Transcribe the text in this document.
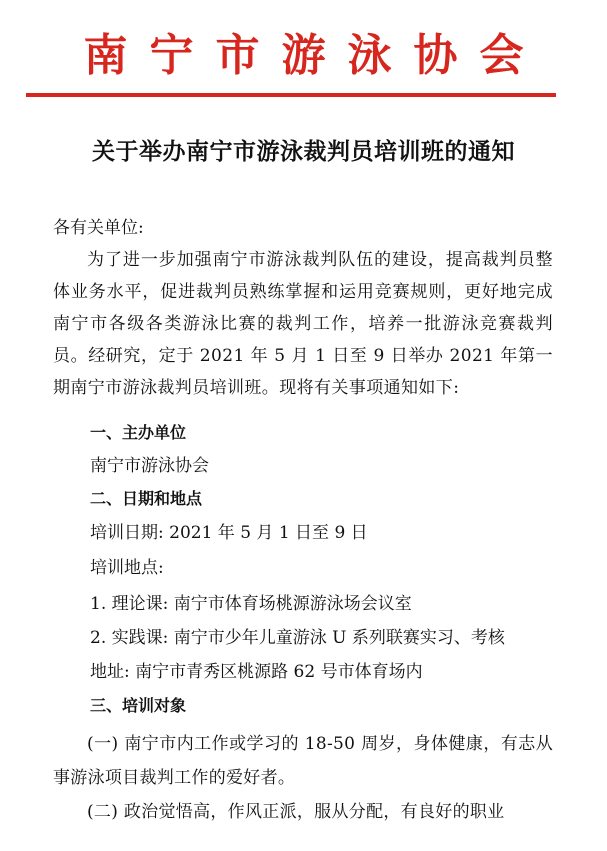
南宁市游泳协会
关于举办南宁市游泳裁判员培训班的通知
各有关单位:
为了进一步加强南宁市游泳裁判队伍的建设，提高裁判员整体业务水平，促进裁判员熟练掌握和运用竞赛规则，更好地完成南宁市各级各类游泳比赛的裁判工作，培养一批游泳竞赛裁判员。经研究，定于 2021 年 5 月 1 日至 9 日举办 2021 年第一期南宁市游泳裁判员培训班。现将有关事项通知如下:
一、主办单位
南宁市游泳协会
二、日期和地点
培训日期: 2021 年 5 月 1 日至 9 日
培训地点:
1. 理论课: 南宁市体育场桃源游泳场会议室
2. 实践课: 南宁市少年儿童游泳 U 系列联赛实习、考核
地址: 南宁市青秀区桃源路 62 号市体育场内
三、培训对象
(一) 南宁市内工作或学习的 18-50 周岁，身体健康，有志从事游泳项目裁判工作的爱好者。
(二) 政治觉悟高，作风正派，服从分配，有良好的职业
